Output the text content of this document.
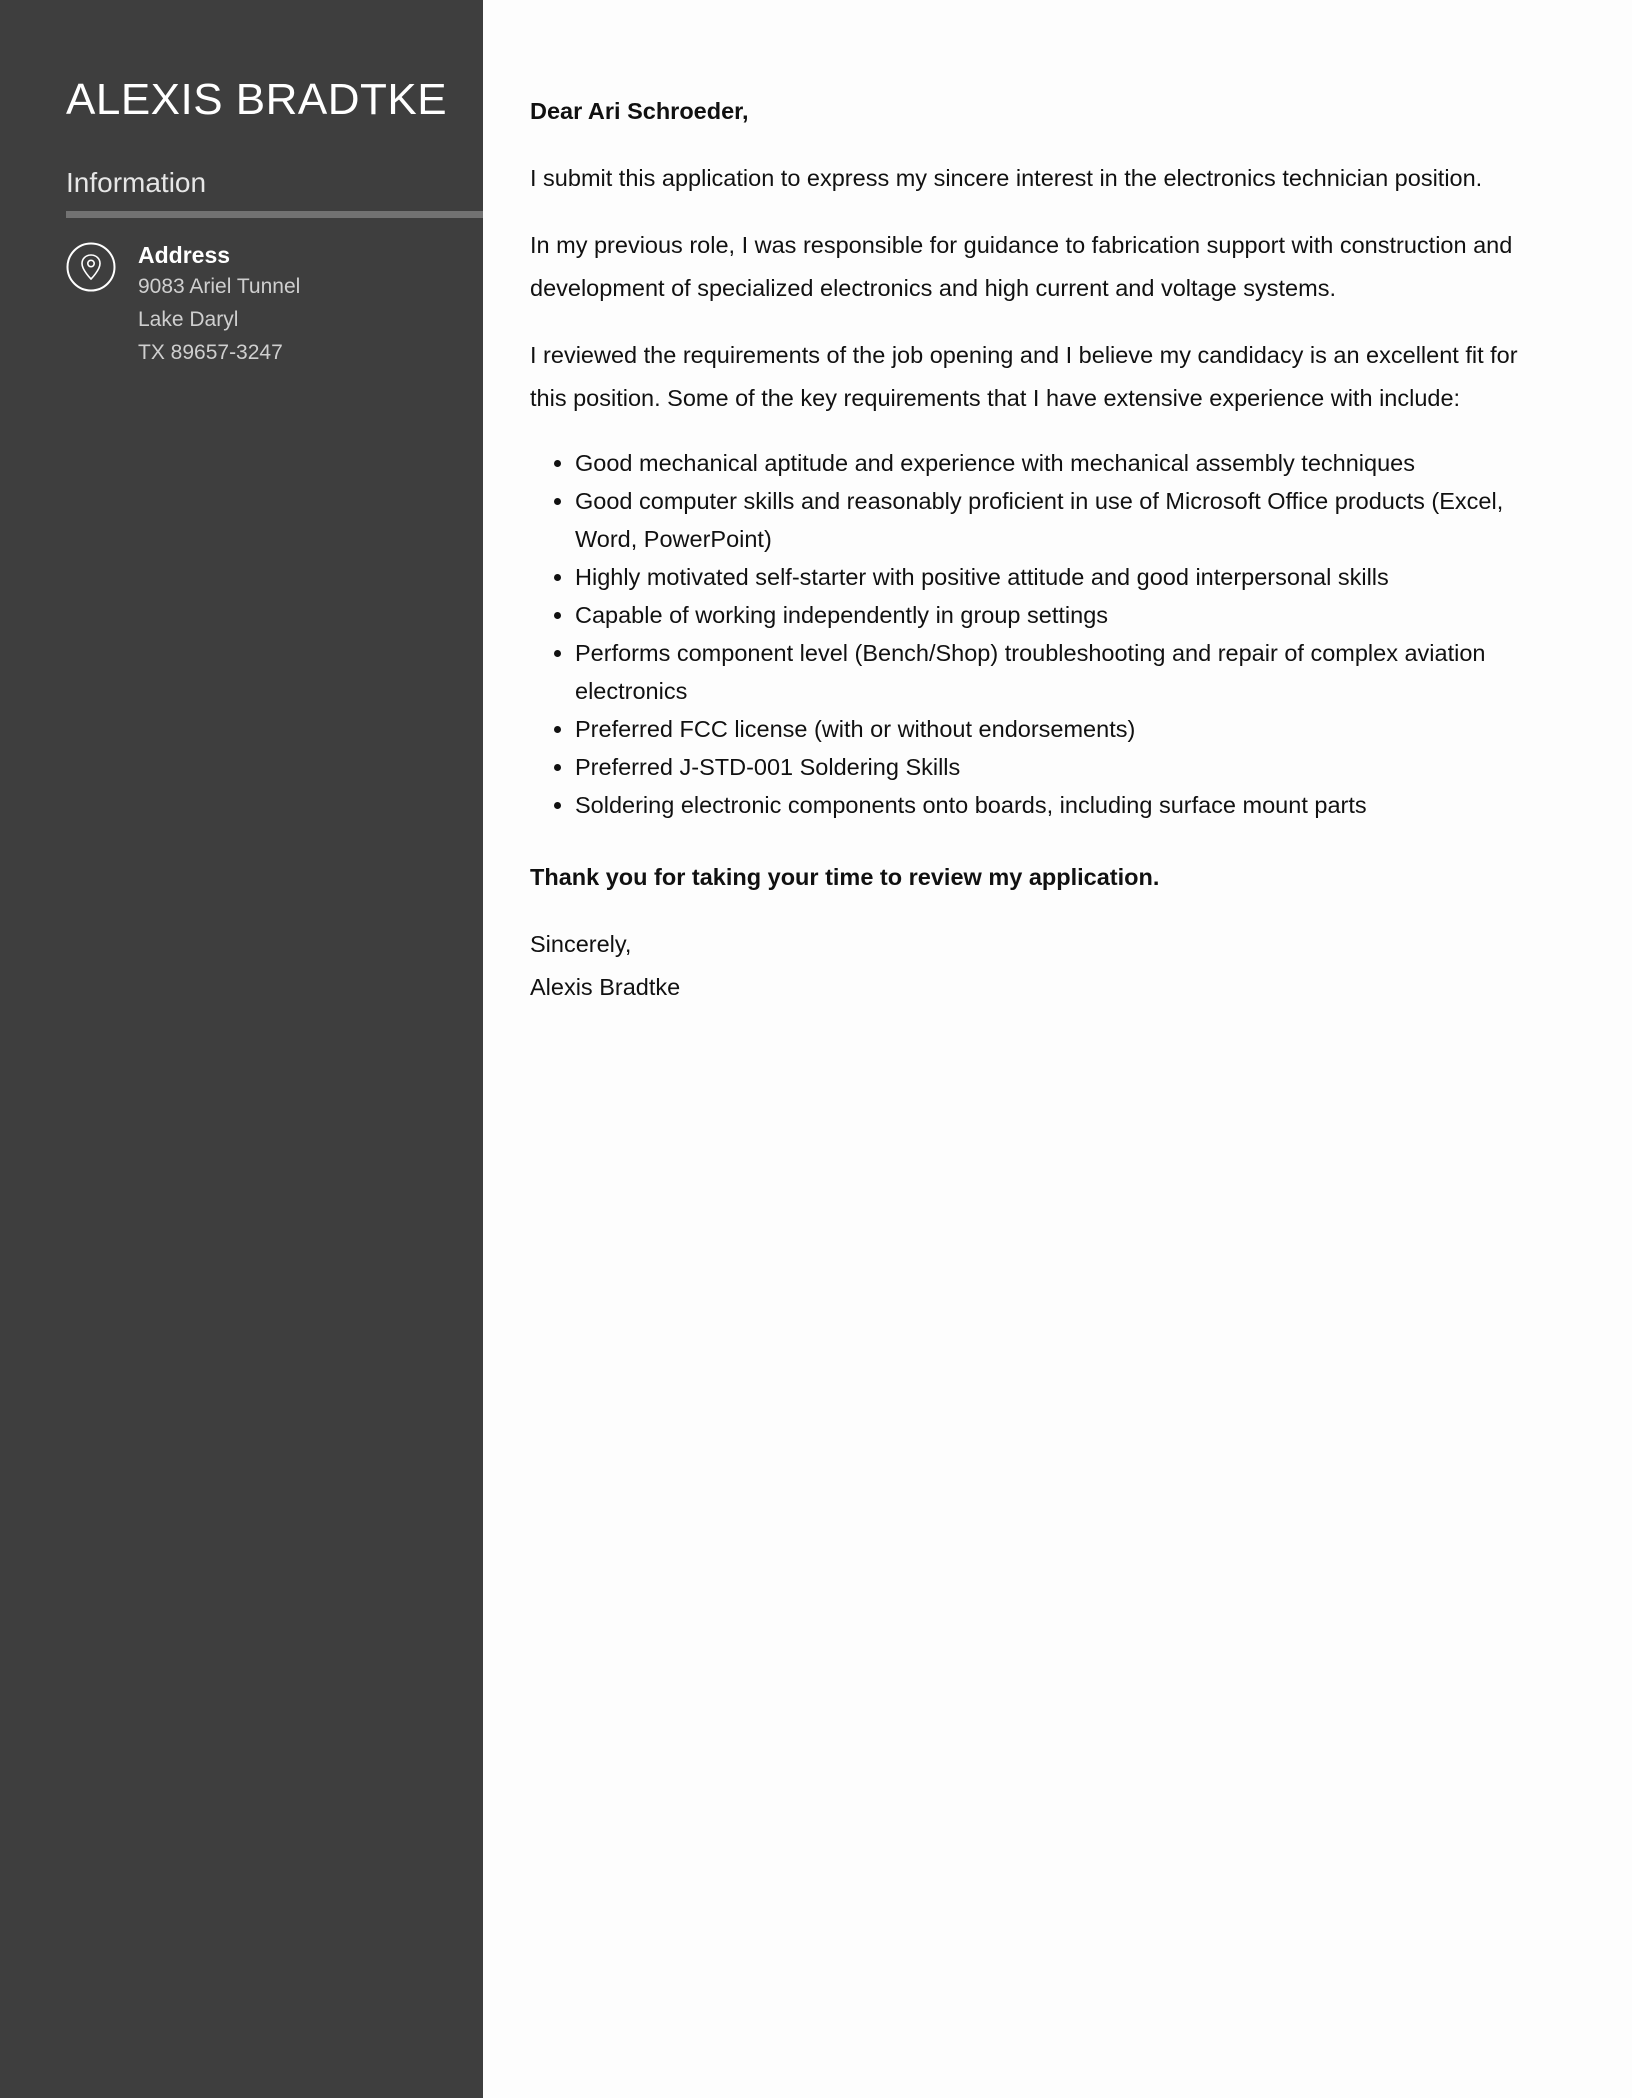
ALEXIS BRADTKE
Information
Address
9083 Ariel Tunnel
Lake Daryl
TX 89657-3247

Dear Ari Schroeder,

I submit this application to express my sincere interest in the electronics technician position.

In my previous role, I was responsible for guidance to fabrication support with construction and development of specialized electronics and high current and voltage systems.

I reviewed the requirements of the job opening and I believe my candidacy is an excellent fit for this position. Some of the key requirements that I have extensive experience with include:

• Good mechanical aptitude and experience with mechanical assembly techniques
• Good computer skills and reasonably proficient in use of Microsoft Office products (Excel, Word, PowerPoint)
• Highly motivated self-starter with positive attitude and good interpersonal skills
• Capable of working independently in group settings
• Performs component level (Bench/Shop) troubleshooting and repair of complex aviation electronics
• Preferred FCC license (with or without endorsements)
• Preferred J-STD-001 Soldering Skills
• Soldering electronic components onto boards, including surface mount parts

Thank you for taking your time to review my application.

Sincerely,
Alexis Bradtke
